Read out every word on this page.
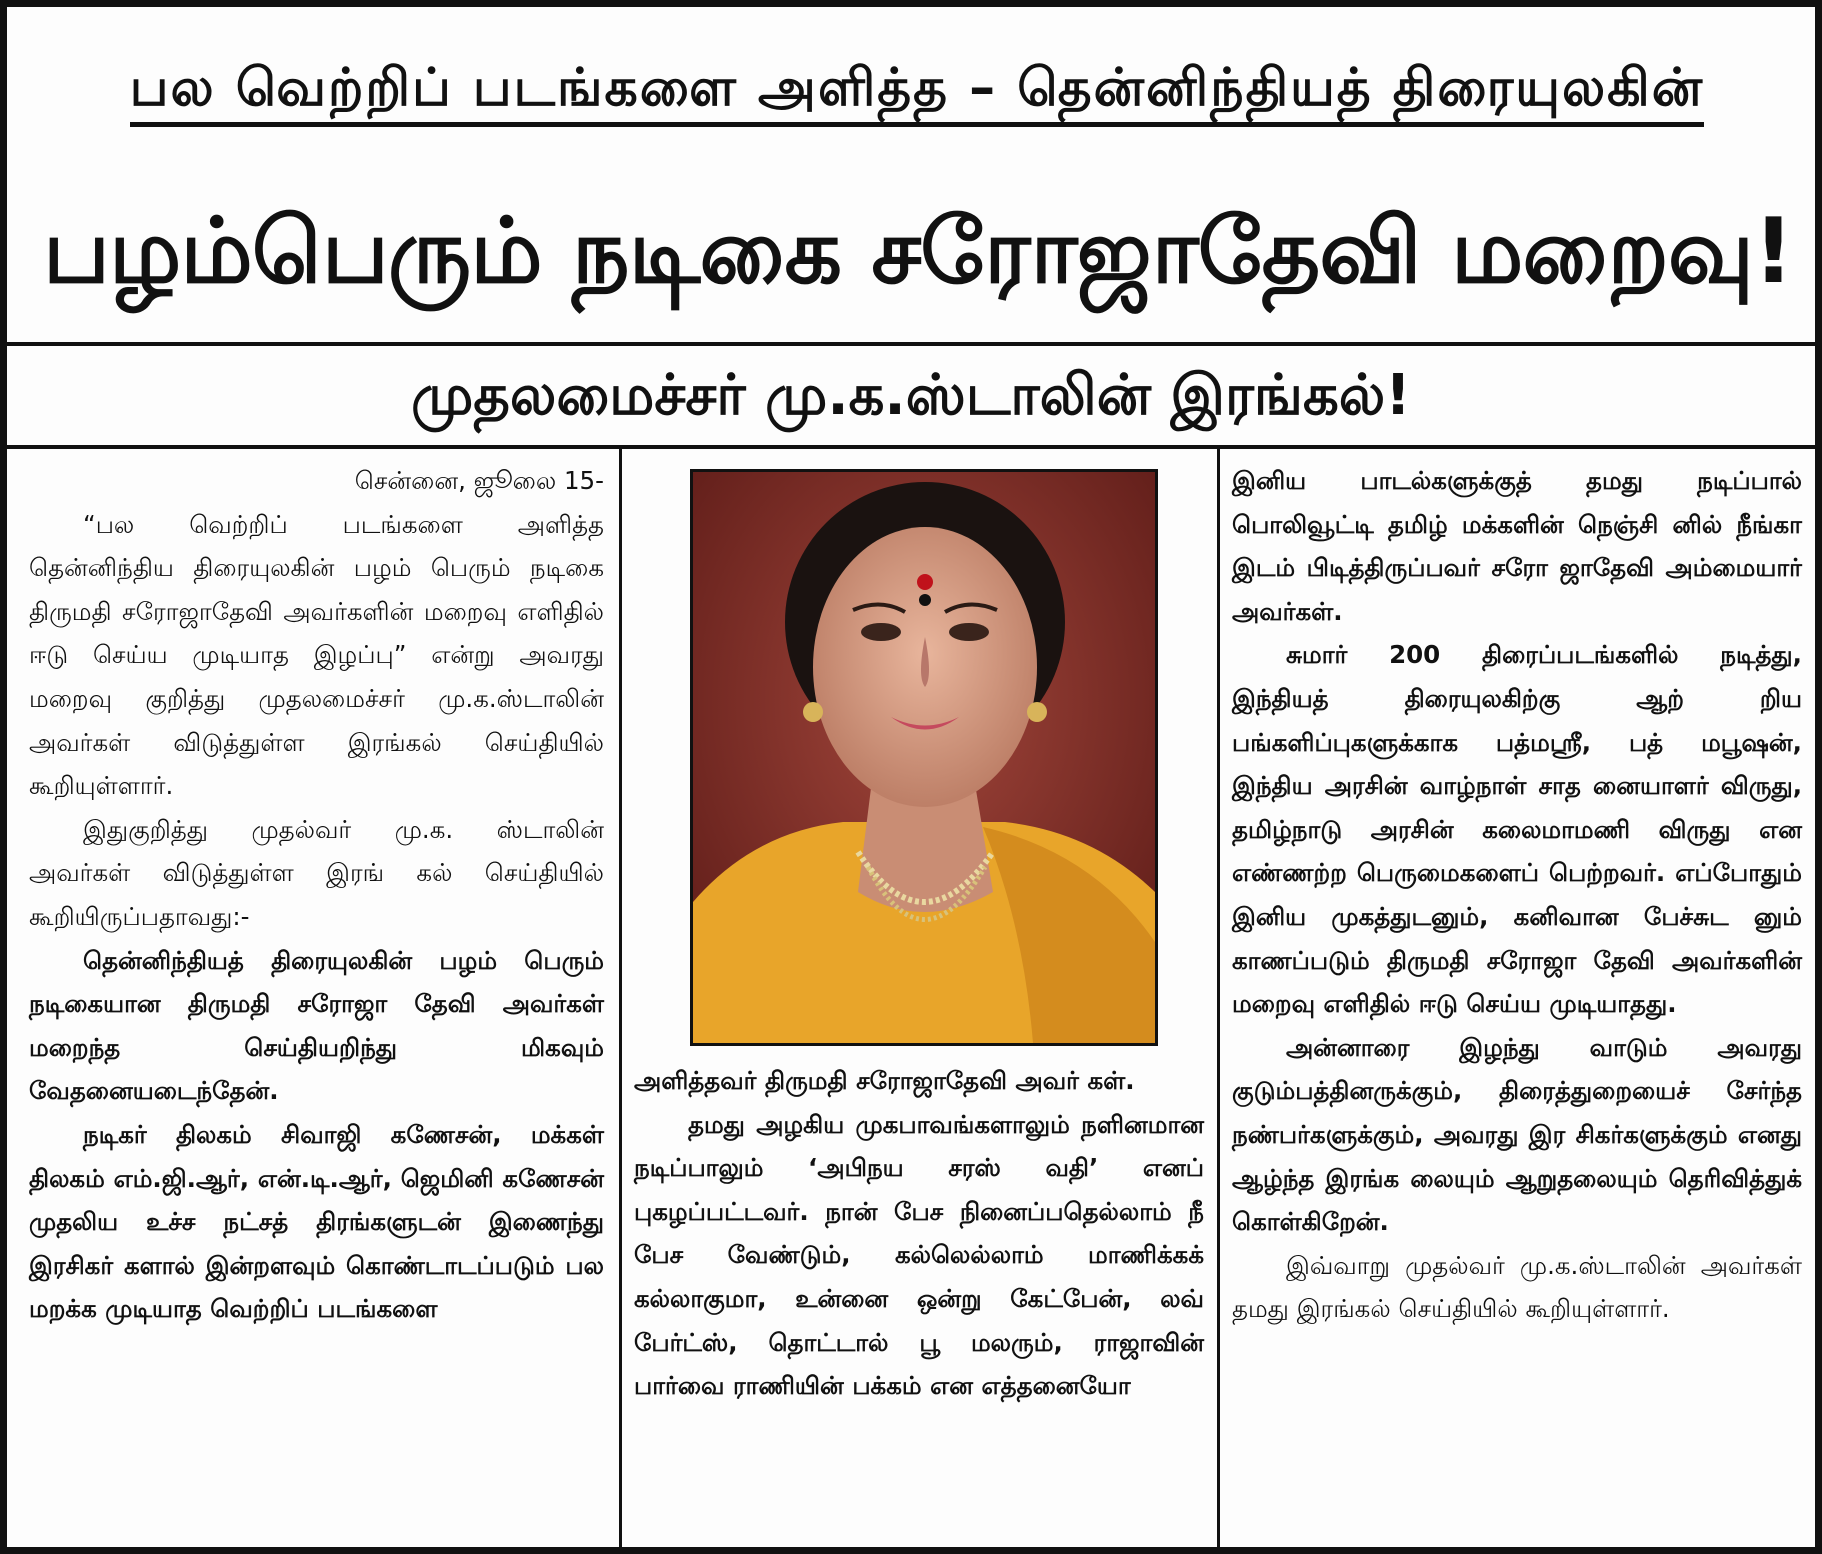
பல வெற்றிப் படங்களை அளித்த – தென்னிந்தியத் திரையுலகின்
பழம்பெரும் நடிகை சரோஜாதேவி மறைவு!
முதலமைச்சர் மு.க.ஸ்டாலின் இரங்கல்!

சென்னை, ஜூலை 15-

“பல வெற்றிப் படங்களை அளித்த தென்னிந்திய திரையுலகின் பழம் பெரும் நடிகை திருமதி சரோஜாதேவி அவர்களின் மறைவு எளிதில் ஈடு செய்ய முடியாத இழப்பு” என்று அவரது மறைவு குறித்து முதலமைச்சர் மு.க.ஸ்டாலின் அவர்கள் விடுத்துள்ள இரங்கல் செய்தியில் கூறியுள்ளார்.

இதுகுறித்து முதல்வர் மு.க. ஸ்டாலின் அவர்கள் விடுத்துள்ள இரங் கல் செய்தியில் கூறியிருப்பதாவது:-

தென்னிந்தியத் திரையுலகின் பழம் பெரும் நடிகையான திருமதி சரோஜா தேவி அவர்கள் மறைந்த செய்தியறிந்து மிகவும் வேதனையடைந்தேன்.

நடிகர் திலகம் சிவாஜி கணேசன், மக்கள் திலகம் எம்.ஜி.ஆர், என்.டி.ஆர், ஜெமினி கணேசன் முதலிய உச்ச நட்சத் திரங்களுடன் இணைந்து இரசிகர் களால் இன்றளவும் கொண்டாடப்படும் பல மறக்க முடியாத வெற்றிப் படங்களை

அளித்தவர் திருமதி சரோஜாதேவி அவர் கள்.

தமது அழகிய முகபாவங்களாலும் நளினமான நடிப்பாலும் ‘அபிநய சரஸ் வதி’ எனப் புகழப்பட்டவர். நான் பேச நினைப்பதெல்லாம் நீ பேச வேண்டும், கல்லெல்லாம் மாணிக்கக் கல்லாகுமா, உன்னை ஒன்று கேட்பேன், லவ் பேர்ட்ஸ், தொட்டால் பூ மலரும், ராஜாவின் பார்வை ராணியின் பக்கம் என எத்தனையோ

இனிய பாடல்களுக்குத் தமது நடிப்பால் பொலிவூட்டி தமிழ் மக்களின் நெஞ்சி னில் நீங்கா இடம் பிடித்திருப்பவர் சரோ ஜாதேவி அம்மையார் அவர்கள்.

சுமார் 200 திரைப்படங்களில் நடித்து, இந்தியத் திரையுலகிற்கு ஆற் றிய பங்களிப்புகளுக்காக பத்மஸ்ரீ, பத் மபூஷன், இந்திய அரசின் வாழ்நாள் சாத னையாளர் விருது, தமிழ்நாடு அரசின் கலைமாமணி விருது என எண்ணற்ற பெருமைகளைப் பெற்றவர். எப்போதும் இனிய முகத்துடனும், கனிவான பேச்சுட னும் காணப்படும் திருமதி சரோஜா தேவி அவர்களின் மறைவு எளிதில் ஈடு செய்ய முடியாதது.

அன்னாரை இழந்து வாடும் அவரது குடும்பத்தினருக்கும், திரைத்துறையைச் சேர்ந்த நண்பர்களுக்கும், அவரது இர சிகர்களுக்கும் எனது ஆழ்ந்த இரங்க லையும் ஆறுதலையும் தெரிவித்துக் கொள்கிறேன்.

இவ்வாறு முதல்வர் மு.க.ஸ்டாலின் அவர்கள் தமது இரங்கல் செய்தியில் கூறியுள்ளார்.
